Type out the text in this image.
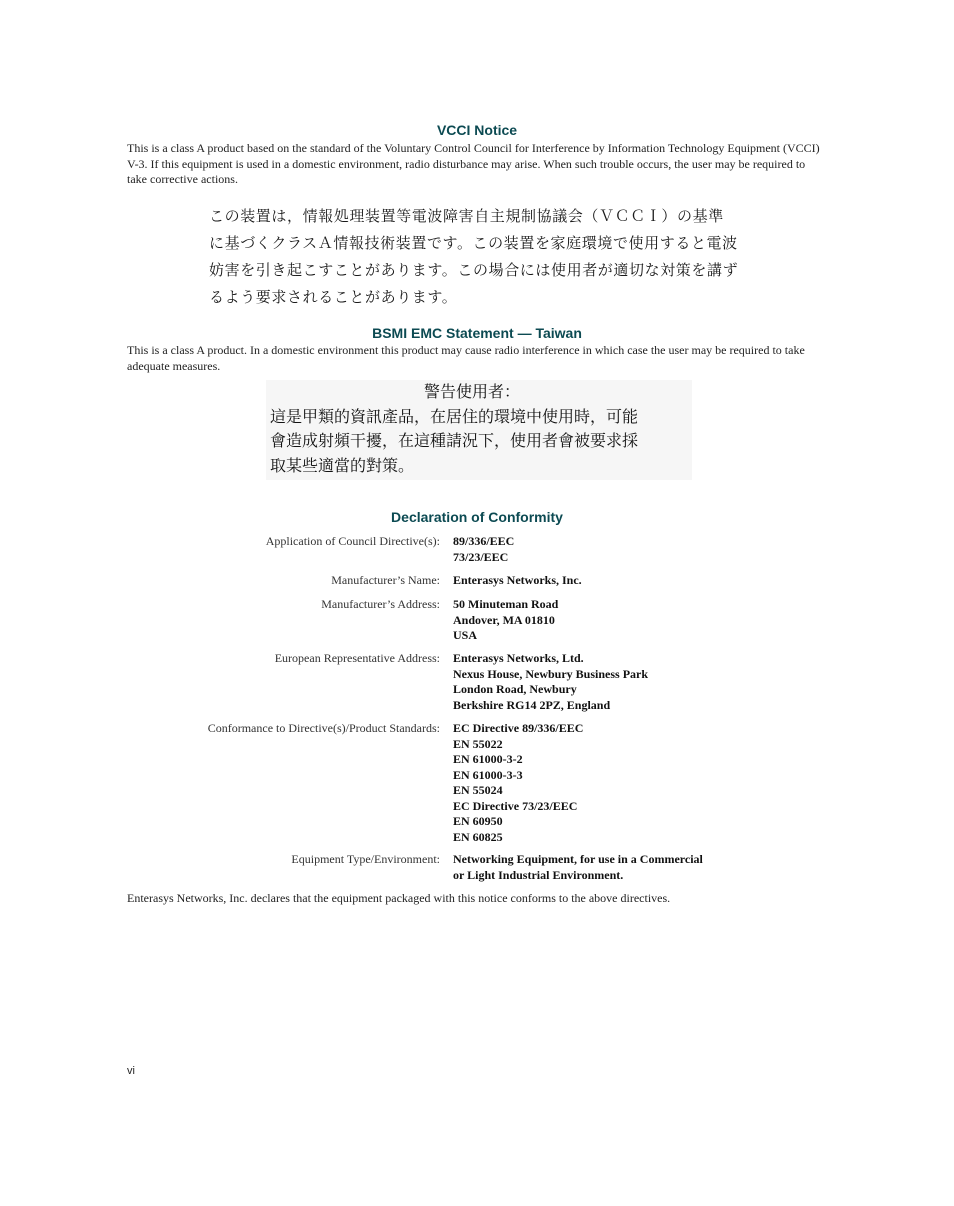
VCCI Notice
This is a class A product based on the standard of the Voluntary Control Council for Interference by Information Technology Equipment (VCCI) V-3. If this equipment is used in a domestic environment, radio disturbance may arise. When such trouble occurs, the user may be required to take corrective actions.
この装置は，情報処理装置等電波障害自主規制協議会（ＶＣＣＩ）の基準
に基づくクラスＡ情報技術装置です。この装置を家庭環境で使用すると電波
妨害を引き起こすことがあります。この場合には使用者が適切な対策を講ず
るよう要求されることがあります。
BSMI EMC Statement — Taiwan
This is a class A product. In a domestic environment this product may cause radio interference in which case the user may be required to take adequate measures.
警告使用者：
這是甲類的資訊產品，在居住的環境中使用時，可能
會造成射頻干擾，在這種請況下，使用者會被要求採
取某些適當的對策。
Declaration of Conformity
Application of Council Directive(s): 89/336/EEC
73/23/EEC
Manufacturer’s Name: Enterasys Networks, Inc.
Manufacturer’s Address: 50 Minuteman Road
Andover, MA 01810
USA
European Representative Address: Enterasys Networks, Ltd.
Nexus House, Newbury Business Park
London Road, Newbury
Berkshire RG14 2PZ, England
Conformance to Directive(s)/Product Standards: EC Directive 89/336/EEC
EN 55022
EN 61000-3-2
EN 61000-3-3
EN 55024
EC Directive 73/23/EEC
EN 60950
EN 60825
Equipment Type/Environment: Networking Equipment, for use in a Commercial
or Light Industrial Environment.
Enterasys Networks, Inc. declares that the equipment packaged with this notice conforms to the above directives.
vi
